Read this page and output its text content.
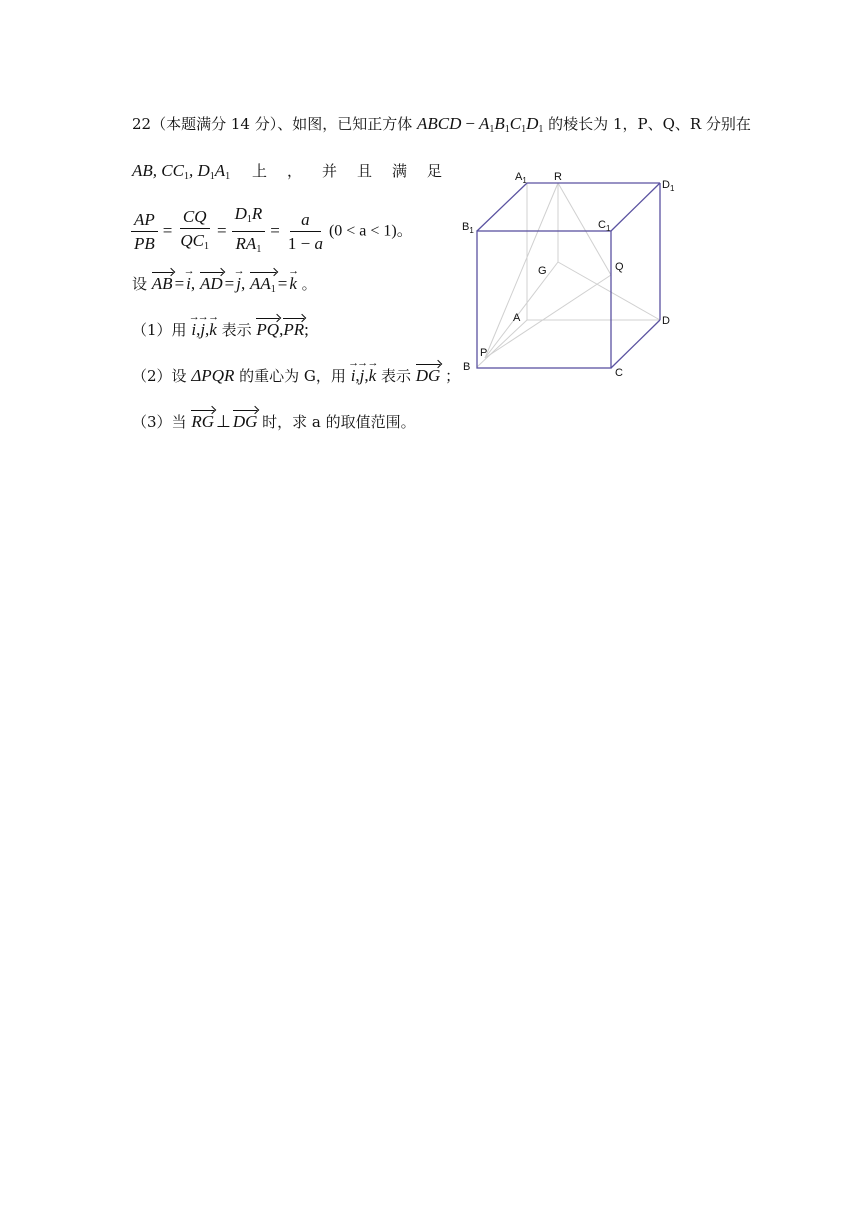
22（本题满分 14 分）、如图，已知正方体 ABCD − $A_1B_1C_1D_1$ 的棱长为 1，P、Q、R 分别在
AB, $CC_1$, $D_1A_1$ 上 ， 并 且 满 足
$\frac{AP}{PB} = \frac{CQ}{QC_1} = \frac{D_1R}{RA_1} = \frac{a}{1 - a} (0 < a < 1)$。
设 AB =→ i, AD =→ j, $AA_1 =\to k$ 。
（1）用 → i,→ j,→ k 表示 PQ,PR;
（2）设 ΔPQR 的重心为 G，用 → i,→ j,→ k 表示 DG ；
（3）当 RG ⊥ DG 时，求 a 的取值范围。
$A_1$ R
$D_1$
$B_1$	$C_1$
G	Q
A	D
P
B	C
